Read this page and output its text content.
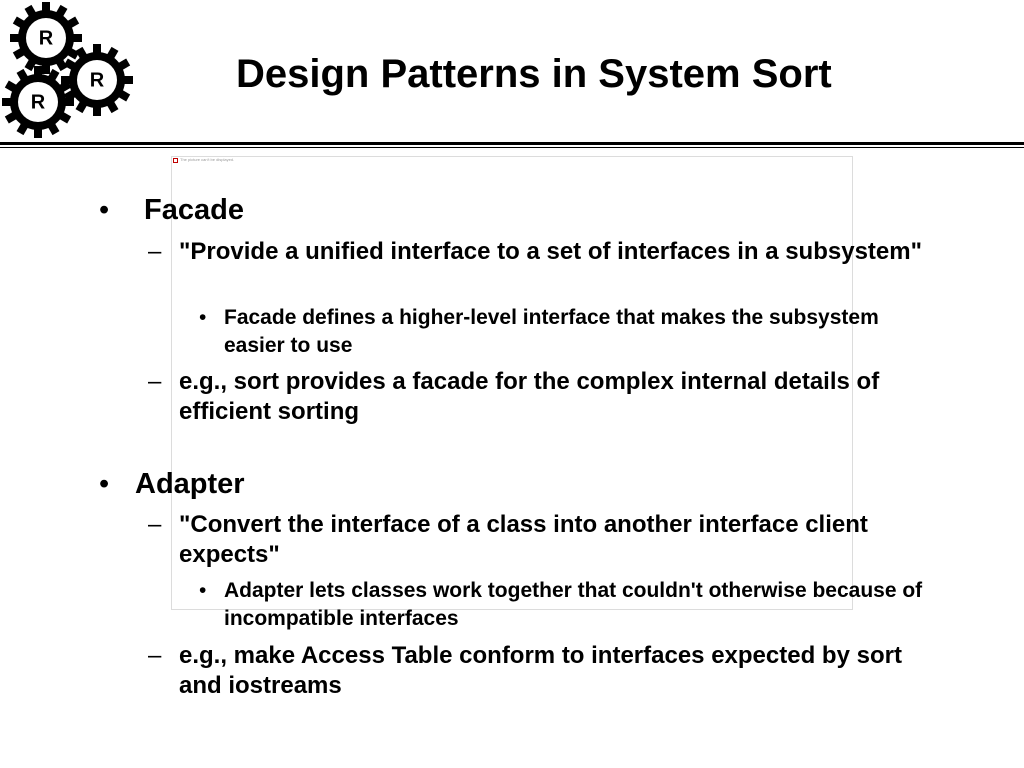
R
R
R
Design Patterns in System Sort
The picture can't be displayed.
• Facade
– "Provide a unified interface to a set of interfaces in a subsystem"
• Facade defines a higher-level interface that makes the subsystem easier to use
– e.g., sort provides a facade for the complex internal details of efficient sorting
• Adapter
– "Convert the interface of a class into another interface client expects"
• Adapter lets classes work together that couldn't otherwise because of incompatible interfaces
– e.g., make Access Table conform to interfaces expected by sort and iostreams
